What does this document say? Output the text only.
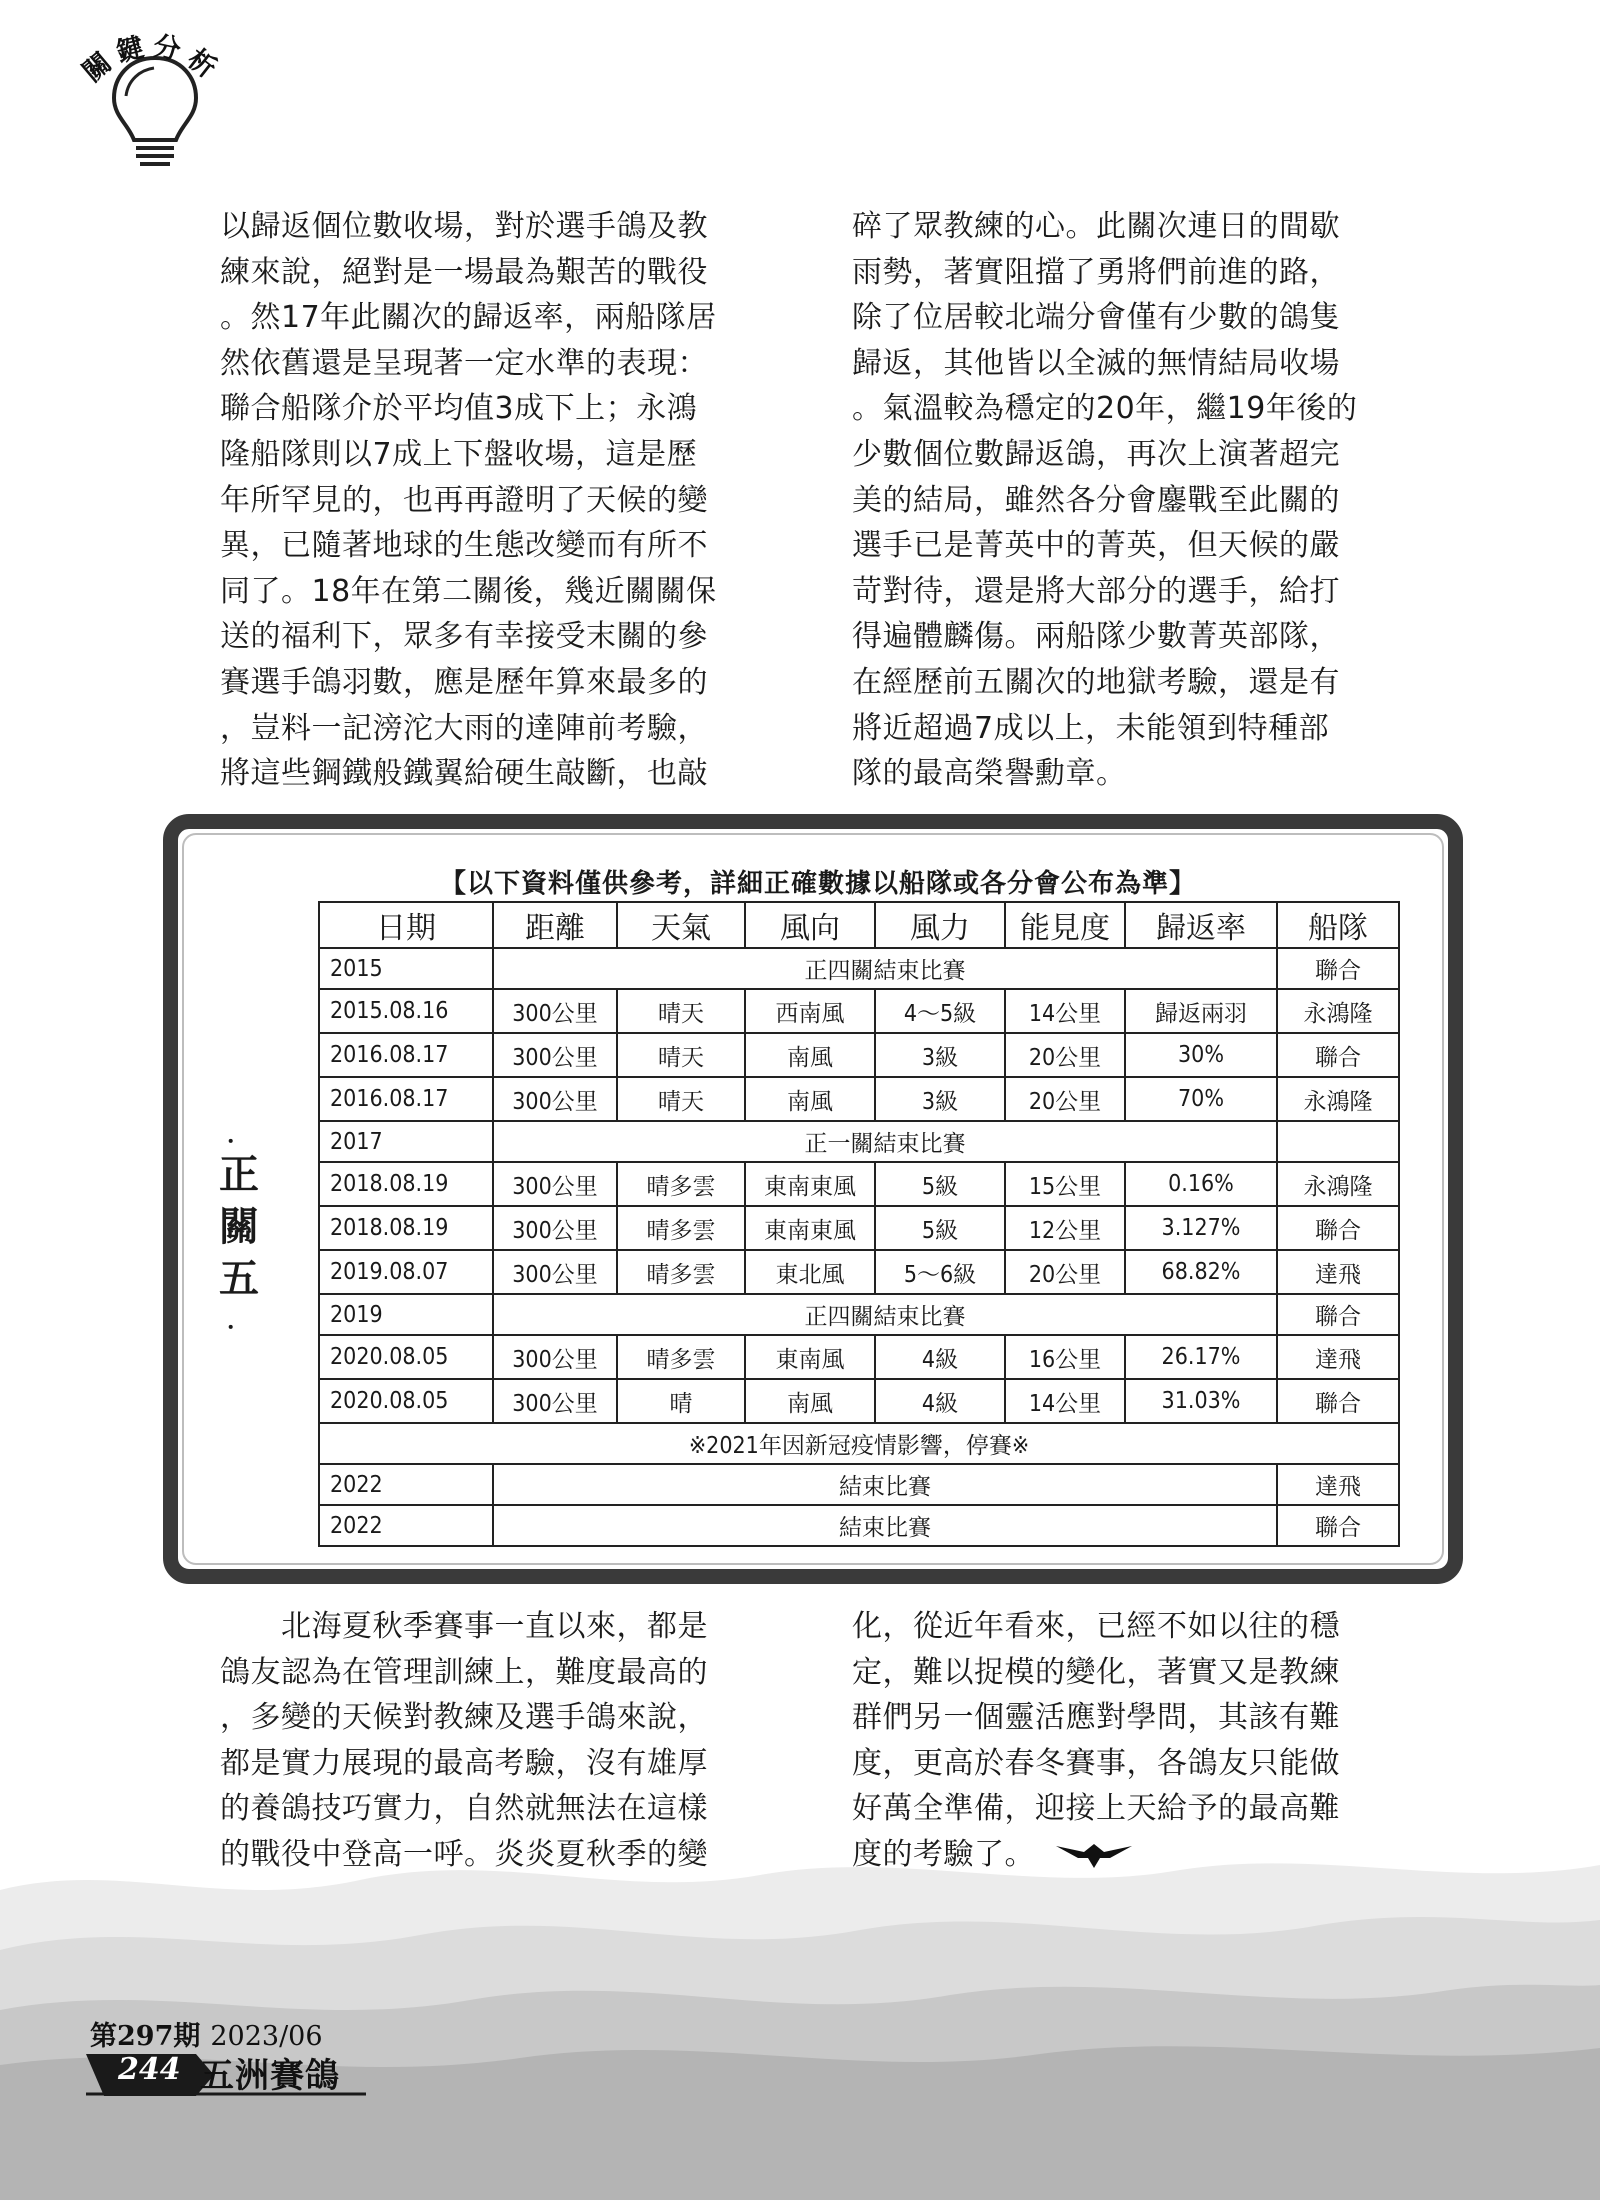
關
鍵 分
析

以歸返個位數收場，對於選手鴿及教

練來說，絕對是一場最為艱苦的戰役

。然17年此關次的歸返率，兩船隊居

然依舊還是呈現著一定水準的表現：

聯合船隊介於平均值3成下上；永鴻

隆船隊則以7成上下盤收場，這是歷

年所罕見的，也再再證明了天候的變

異，已隨著地球的生態改變而有所不

同了。18年在第二關後，幾近關關保

送的福利下，眾多有幸接受末關的參

賽選手鴿羽數，應是歷年算來最多的

，豈料一記滂沱大雨的達陣前考驗，

將這些鋼鐵般鐵翼給硬生敲斷，也敲

碎了眾教練的心。此關次連日的間歇

雨勢，著實阻擋了勇將們前進的路，

除了位居較北端分會僅有少數的鴿隻

歸返，其他皆以全滅的無情結局收場

。氣溫較為穩定的20年，繼19年後的

少數個位數歸返鴿，再次上演著超完

美的結局，雖然各分會鏖戰至此關的

選手已是菁英中的菁英，但天候的嚴

苛對待，還是將大部分的選手，給打

得遍體麟傷。兩船隊少數菁英部隊，

在經歷前五關次的地獄考驗，還是有

將近超過7成以上，未能領到特種部

隊的最高榮譽勳章。

【以下資料僅供參考，詳細正確數據以船隊或各分會公布為準】
．
正
關
五
．
日期	距離	天氣	風向	風力	能見度	歸返率	船隊
2015	正四關結束比賽						聯合
2015.08.16	300公里	晴天	西南風	4～5級	14公里	歸返兩羽	永鴻隆
2016.08.17	300公里	晴天	南風	3級	20公里	30%	聯合
2016.08.17	300公里	晴天	南風	3級	20公里	70%	永鴻隆
2017	正一關結束比賽						
2018.08.19	300公里	晴多雲	東南東風	5級	15公里	0.16%	永鴻隆
2018.08.19	300公里	晴多雲	東南東風	5級	12公里	3.127%	聯合
2019.08.07	300公里	晴多雲	東北風	5～6級	20公里	68.82%	達飛
2019	正四關結束比賽						聯合
2020.08.05	300公里	晴多雲	東南風	4級	16公里	26.17%	達飛
2020.08.05	300公里	晴	南風	4級	14公里	31.03%	聯合
※2021年因新冠疫情影響，停賽※							
2022	結束比賽						達飛
2022	結束比賽						聯合

　　北海夏秋季賽事一直以來，都是

鴿友認為在管理訓練上，難度最高的

，多變的天候對教練及選手鴿來說，

都是實力展現的最高考驗，沒有雄厚

的養鴿技巧實力，自然就無法在這樣

的戰役中登高一呼。炎炎夏秋季的變

化，從近年看來，已經不如以往的穩

定，難以捉模的變化，著實又是教練

群們另一個靈活應對學問，其該有難

度，更高於春冬賽事，各鴿友只能做

好萬全準備，迎接上天給予的最高難

度的考驗了。

第297期 2023/06
244 五洲賽鴿
